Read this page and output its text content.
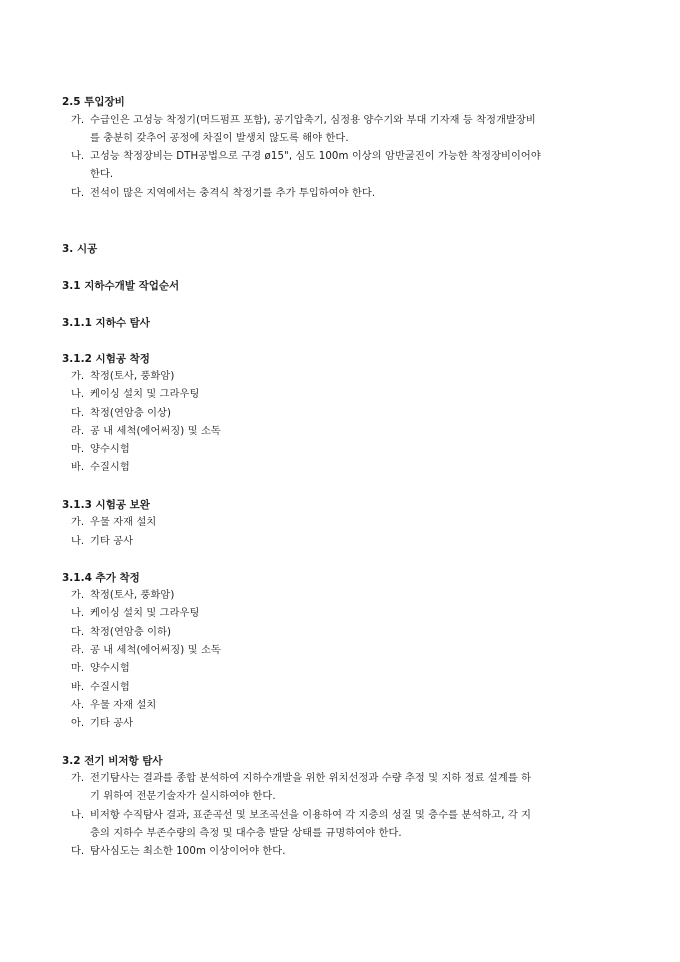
2.5 투입장비
가. 수급인은 고성능 착정기(머드펌프 포함), 공기압축기, 심정용 양수기와 부대 기자재 등 착정개발장비
를 충분히 갖추어 공정에 차질이 발생치 않도록 해야 한다.
나. 고성능 착정장비는 DTH공법으로 구경 ø15", 심도 100m 이상의 암반굴진이 가능한 착정장비이어야
한다.
다. 전석이 많은 지역에서는 충격식 착정기를 추가 투입하여야 한다.
3. 시공
3.1 지하수개발 작업순서
3.1.1 지하수 탐사
3.1.2 시험공 착정
가. 착정(토사, 풍화암)
나. 케이싱 설치 및 그라우팅
다. 착정(연암층 이상)
라. 공 내 세척(에어써징) 및 소독
마. 양수시험
바. 수질시험
3.1.3 시험공 보완
가. 우물 자재 설치
나. 기타 공사
3.1.4 추가 착정
가. 착정(토사, 풍화암)
나. 케이싱 설치 및 그라우팅
다. 착정(연암층 이하)
라. 공 내 세척(에어써징) 및 소독
마. 양수시험
바. 수질시험
사. 우물 자재 설치
아. 기타 공사
3.2 전기 비저항 탐사
가. 전기탐사는 결과를 종합 분석하여 지하수개발을 위한 위치선정과 수량 추정 및 지하 정료 설계를 하
기 위하여 전문기술자가 실시하여야 한다.
나. 비저항 수직탐사 결과, 표준곡선 및 보조곡선을 이용하여 각 지층의 성질 및 층수를 분석하고, 각 지
층의 지하수 부존수량의 측정 및 대수층 발달 상태를 규명하여야 한다.
다. 탐사심도는 최소한 100m 이상이어야 한다.
